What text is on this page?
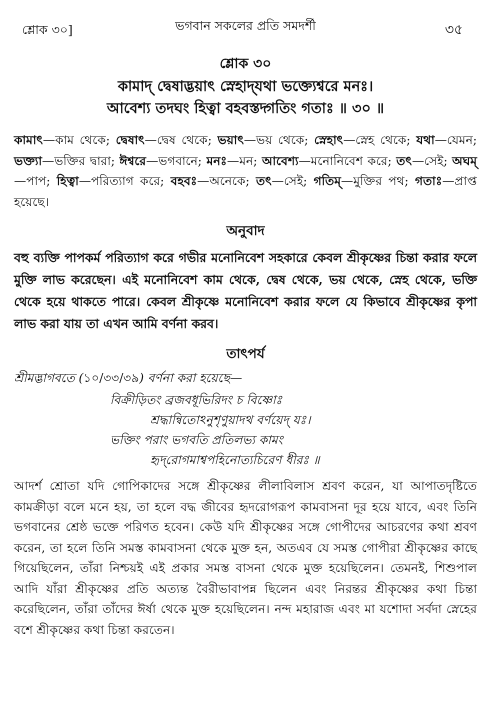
শ্লোক ৩০]	ভগবান সকলের প্রতি সমদর্শী	৩৫
শ্লোক ৩০
কামাদ্ দ্বেষাদ্ভয়াৎ স্নেহাদ্‌যথা ভক্ত্যেশ্বরে মনঃ।
আবেশ্য তদঘং হিত্বা বহবস্তদ্গতিং গতাঃ ॥ ৩০ ॥
কামাৎ—কাম থেকে; দ্বেষাৎ—দ্বেষ থেকে; ভয়াৎ—ভয় থেকে; স্নেহাৎ—স্নেহ থেকে; যথা—যেমন; ভক্ত্যা—ভক্তির দ্বারা; ঈশ্বরে—ভগবানে; মনঃ—মন; আবেশ্য—মনোনিবেশ করে; তৎ—সেই; অঘম্—পাপ; হিত্বা—পরিত্যাগ করে; বহবঃ—অনেকে; তৎ—সেই; গতিম্—মুক্তির পথ; গতাঃ—প্রাপ্ত হয়েছে।
অনুবাদ
বহু ব্যক্তি পাপকর্ম পরিত্যাগ করে গভীর মনোনিবেশ সহকারে কেবল শ্রীকৃষ্ণের চিন্তা করার ফলে মুক্তি লাভ করেছেন। এই মনোনিবেশ কাম থেকে, দ্বেষ থেকে, ভয় থেকে, স্নেহ থেকে, ভক্তি থেকে হয়ে থাকতে পারে। কেবল শ্রীকৃষ্ণে মনোনিবেশ করার ফলে যে কিভাবে শ্রীকৃষ্ণের কৃপা লাভ করা যায় তা এখন আমি বর্ণনা করব।
তাৎপর্য
শ্রীমদ্ভাগবতে (১০/৩৩/৩৯) বর্ণনা করা হয়েছে—
বিক্রীড়িতং ব্রজবধূভিরিদং চ বিষ্ণোঃ
শ্রদ্ধান্বিতোঽনুশৃণুয়াদথ বর্ণয়েদ্ যঃ।
ভক্তিং পরাং ভগবতি প্রতিলভ্য কামং
হৃদ্‌রোগমাশ্বপহিনোত্যচিরেণ ধীরঃ ॥
আদর্শ শ্রোতা যদি গোপিকাদের সঙ্গে শ্রীকৃষ্ণের লীলাবিলাস শ্রবণ করেন, যা আপাতদৃষ্টিতে কামক্রীড়া বলে মনে হয়, তা হলে বদ্ধ জীবের হৃদরোগরূপ কামবাসনা দূর হয়ে যাবে, এবং তিনি ভগবানের শ্রেষ্ঠ ভক্তে পরিণত হবেন। কেউ যদি শ্রীকৃষ্ণের সঙ্গে গোপীদের আচরণের কথা শ্রবণ করেন, তা হলে তিনি সমস্ত কামবাসনা থেকে মুক্ত হন, অতএব যে সমস্ত গোপীরা শ্রীকৃষ্ণের কাছে গিয়েছিলেন, তাঁরা নিশ্চয়ই এই প্রকার সমস্ত বাসনা থেকে মুক্ত হয়েছিলেন। তেমনই, শিশুপাল আদি যাঁরা শ্রীকৃষ্ণের প্রতি অত্যন্ত বৈরীভাবাপন্ন ছিলেন এবং নিরন্তর শ্রীকৃষ্ণের কথা চিন্তা করেছিলেন, তাঁরা তাঁদের ঈর্ষা থেকে মুক্ত হয়েছিলেন। নন্দ মহারাজ এবং মা যশোদা সর্বদা স্নেহের বশে শ্রীকৃষ্ণের কথা চিন্তা করতেন।
